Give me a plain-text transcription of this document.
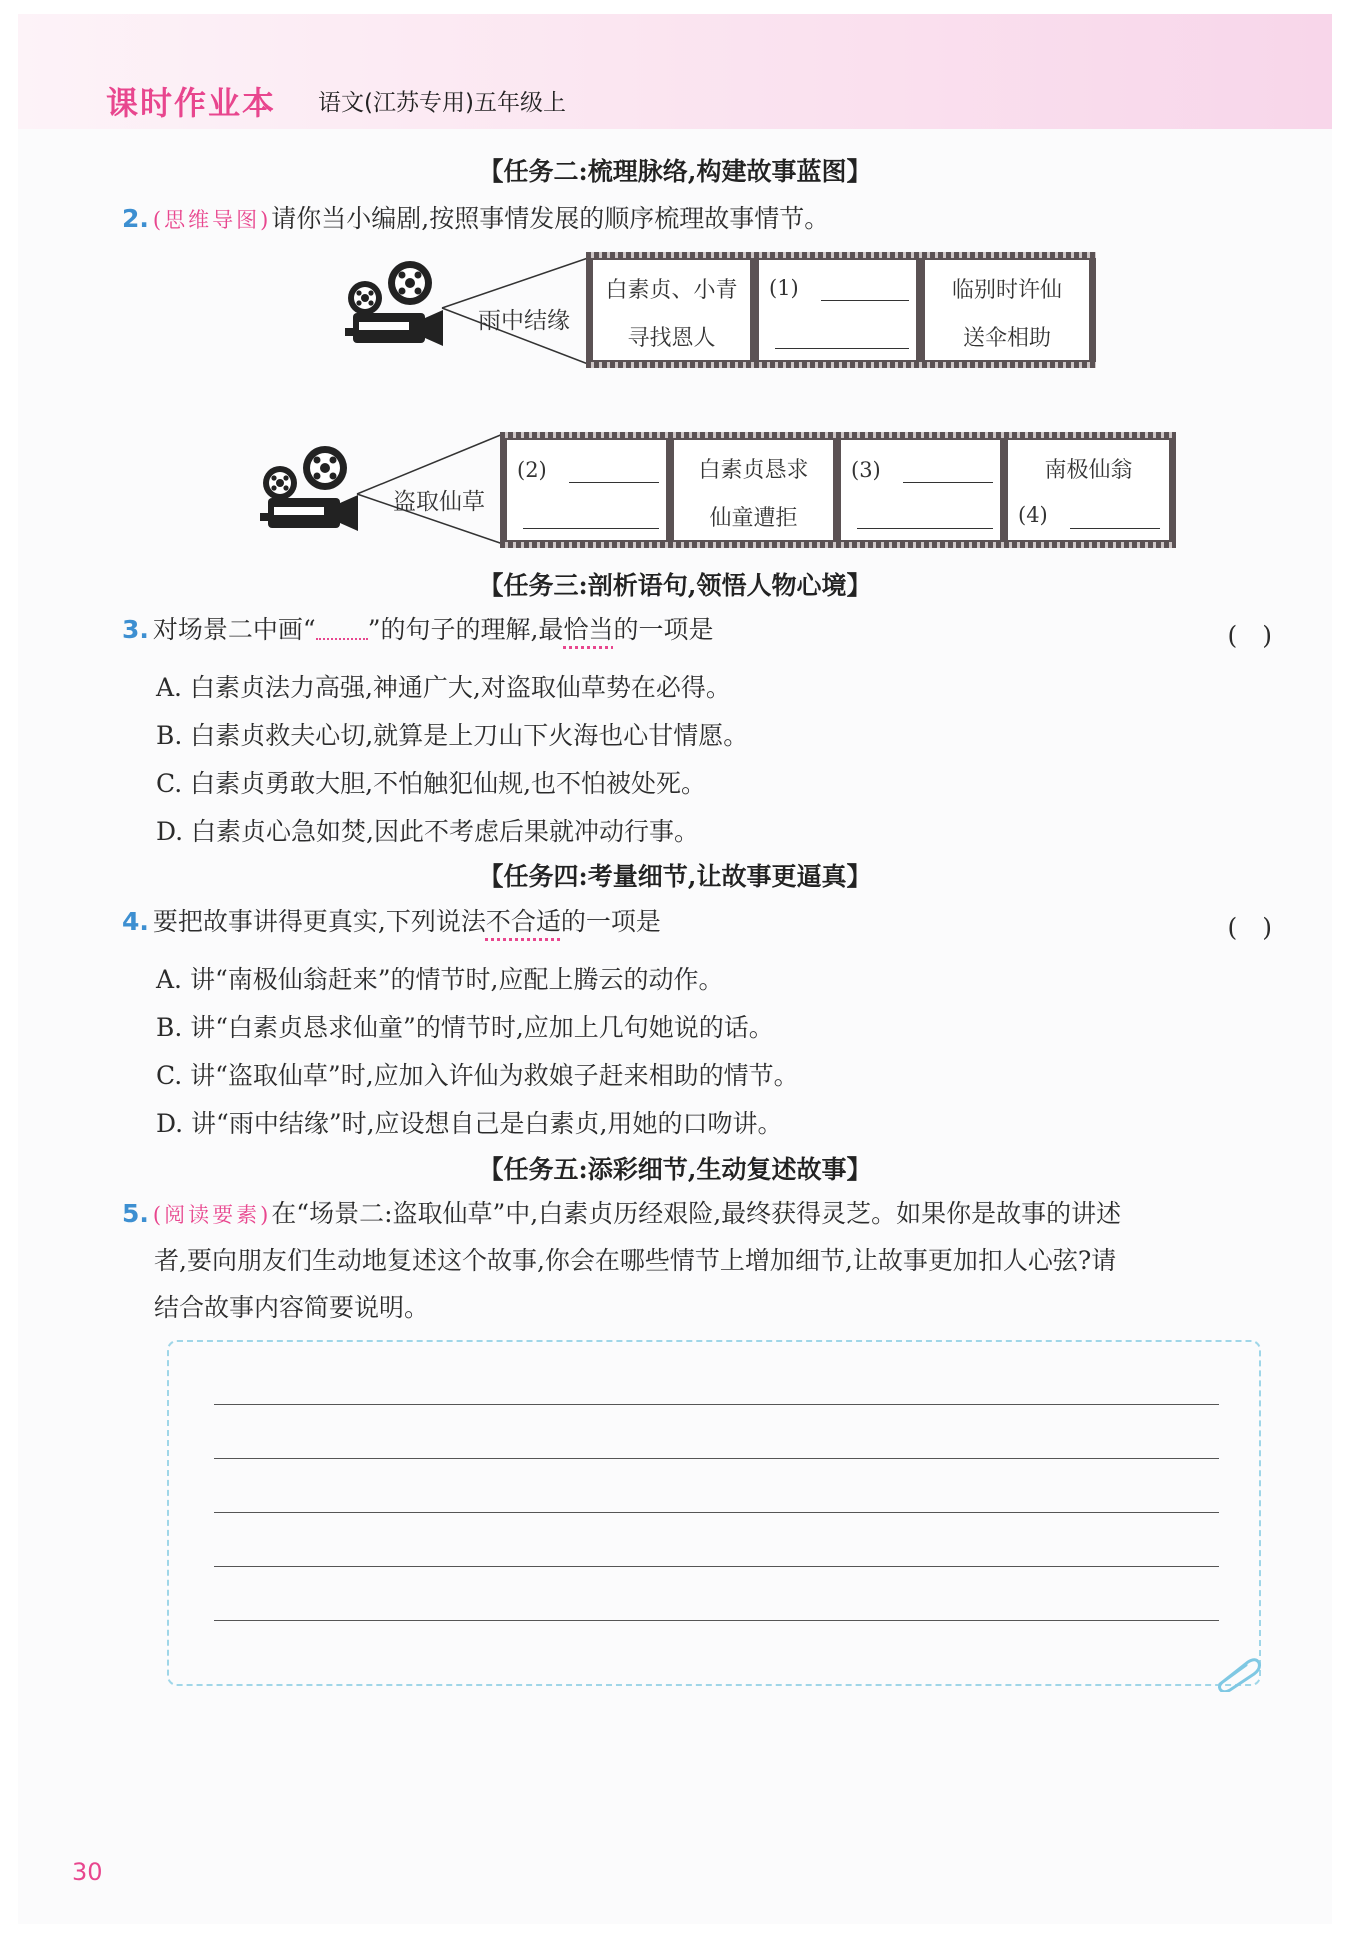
课时作业本 语文(江苏专用)五年级上
【任务二:梳理脉络,构建故事蓝图】
2. (思维导图)请你当小编剧,按照事情发展的顺序梳理故事情节。
雨中结缘
白素贞、小青
寻找恩人
(1)	临别时许仙
送伞相助
盗取仙草
(2)	白素贞恳求
仙童遭拒
(3)	南极仙翁
(4)
【任务三:剖析语句,领悟人物心境】
3. 对场景二中画“ ”的句子的理解,最恰当的一项是	(　)
A. 白素贞法力高强,神通广大,对盗取仙草势在必得。
B. 白素贞救夫心切,就算是上刀山下火海也心甘情愿。
C. 白素贞勇敢大胆,不怕触犯仙规,也不怕被处死。
D. 白素贞心急如焚,因此不考虑后果就冲动行事。
【任务四:考量细节,让故事更逼真】
4. 要把故事讲得更真实,下列说法不合适的一项是	(　)
A. 讲“南极仙翁赶来”的情节时,应配上腾云的动作。
B. 讲“白素贞恳求仙童”的情节时,应加上几句她说的话。
C. 讲“盗取仙草”时,应加入许仙为救娘子赶来相助的情节。
D. 讲“雨中结缘”时,应设想自己是白素贞,用她的口吻讲。
【任务五:添彩细节,生动复述故事】
5. (阅读要素)在“场景二:盗取仙草”中,白素贞历经艰险,最终获得灵芝。如果你是故事的讲述
者,要向朋友们生动地复述这个故事,你会在哪些情节上增加细节,让故事更加扣人心弦?请
结合故事内容简要说明。
30
